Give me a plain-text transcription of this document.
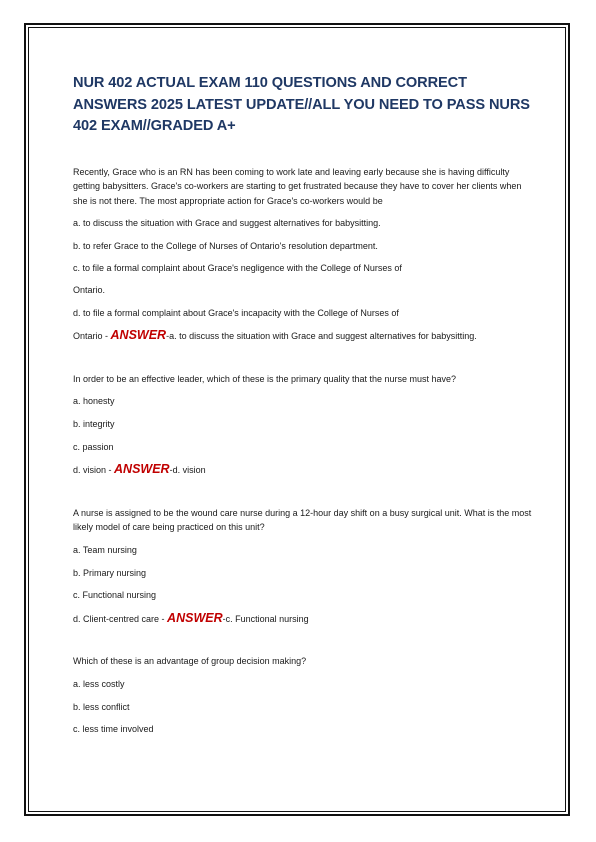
NUR 402 ACTUAL EXAM 110 QUESTIONS AND CORRECT ANSWERS 2025 LATEST UPDATE//ALL YOU NEED TO PASS NURS 402 EXAM//GRADED A+

Recently, Grace who is an RN has been coming to work late and leaving early because she is having difficulty getting babysitters. Grace's co-workers are starting to get frustrated because they have to cover her clients when she is not there. The most appropriate action for Grace's co-workers would be

a. to discuss the situation with Grace and suggest alternatives for babysitting.

b. to refer Grace to the College of Nurses of Ontario's resolution department.

c. to file a formal complaint about Grace's negligence with the College of Nurses of

Ontario.

d. to file a formal complaint about Grace's incapacity with the College of Nurses of

Ontario - ANSWER-a. to discuss the situation with Grace and suggest alternatives for babysitting.

In order to be an effective leader, which of these is the primary quality that the nurse must have?

a. honesty

b. integrity

c. passion

d. vision - ANSWER-d. vision

A nurse is assigned to be the wound care nurse during a 12-hour day shift on a busy surgical unit. What is the most likely model of care being practiced on this unit?

a. Team nursing

b. Primary nursing

c. Functional nursing

d. Client-centred care - ANSWER-c. Functional nursing

Which of these is an advantage of group decision making?

a. less costly

b. less conflict

c. less time involved
